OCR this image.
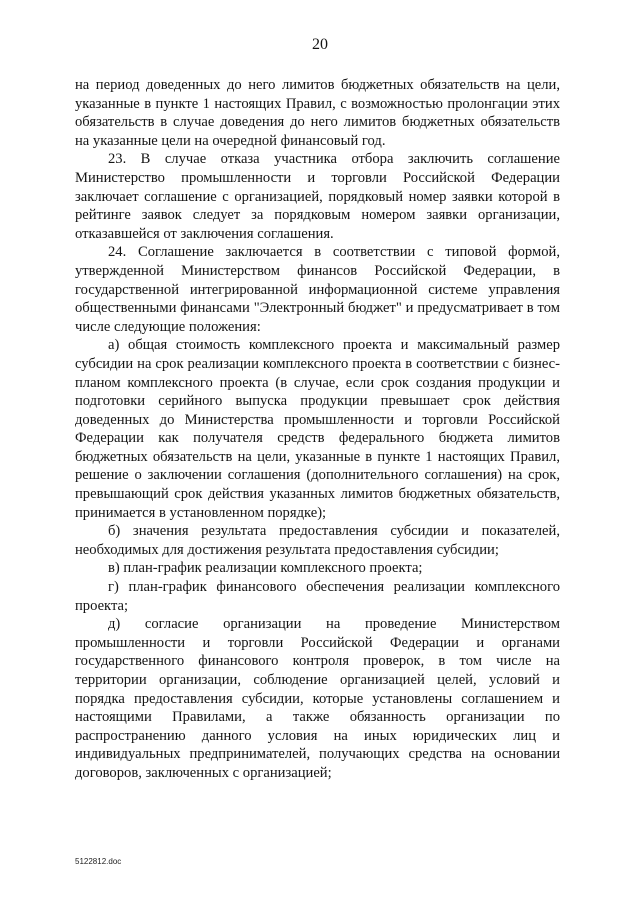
20

на период доведенных до него лимитов бюджетных обязательств на цели, указанные в пункте 1 настоящих Правил, с возможностью пролонгации этих обязательств в случае доведения до него лимитов бюджетных обязательств на указанные цели на очередной финансовый год.

23. В случае отказа участника отбора заключить соглашение Министерство промышленности и торговли Российской Федерации заключает соглашение с организацией, порядковый номер заявки которой в рейтинге заявок следует за порядковым номером заявки организации, отказавшейся от заключения соглашения.

24. Соглашение заключается в соответствии с типовой формой, утвержденной Министерством финансов Российской Федерации, в государственной интегрированной информационной системе управления общественными финансами "Электронный бюджет" и предусматривает в том числе следующие положения:

а) общая стоимость комплексного проекта и максимальный размер субсидии на срок реализации комплексного проекта в соответствии с бизнес-планом комплексного проекта (в случае, если срок создания продукции и подготовки серийного выпуска продукции превышает срок действия доведенных до Министерства промышленности и торговли Российской Федерации как получателя средств федерального бюджета лимитов бюджетных обязательств на цели, указанные в пункте 1 настоящих Правил, решение о заключении соглашения (дополнительного соглашения) на срок, превышающий срок действия указанных лимитов бюджетных обязательств, принимается в установленном порядке);

б) значения результата предоставления субсидии и показателей, необходимых для достижения результата предоставления субсидии;

в) план-график реализации комплексного проекта;

г) план-график финансового обеспечения реализации комплексного проекта;

д) согласие организации на проведение Министерством промышленности и торговли Российской Федерации и органами государственного финансового контроля проверок, в том числе на территории организации, соблюдение организацией целей, условий и порядка предоставления субсидии, которые установлены соглашением и настоящими Правилами, а также обязанность организации по распространению данного условия на иных юридических лиц и индивидуальных предпринимателей, получающих средства на основании договоров, заключенных с организацией;

5122812.doc
